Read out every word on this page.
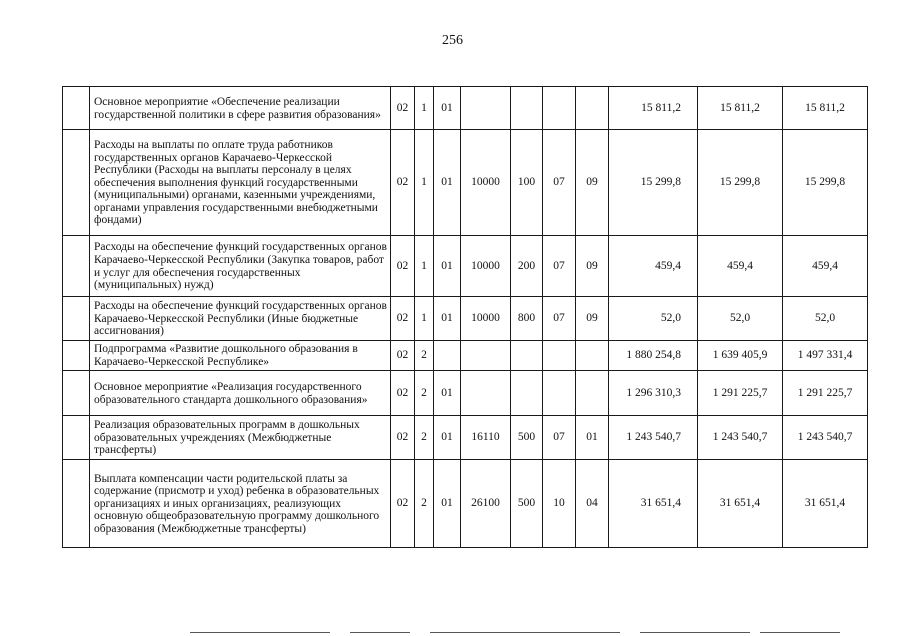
256
	Основное мероприятие «Обеспечение реализации государственной политики в сфере развития образования»	02	1	01					15 811,2	15 811,2	15 811,2
	Расходы на выплаты по оплате труда работников государственных органов Карачаево-Черкесской Республики (Расходы на выплаты персоналу в целях обеспечения выполнения функций государственными (муниципальными) органами, казенными учреждениями, органами управления государственными внебюджетными фондами)	02	1	01	10000	100	07	09	15 299,8	15 299,8	15 299,8
	Расходы на обеспечение функций государственных органов Карачаево-Черкесской Республики (Закупка товаров, работ и услуг для обеспечения государственных (муниципальных) нужд)	02	1	01	10000	200	07	09	459,4	459,4	459,4
	Расходы на обеспечение функций государственных органов Карачаево-Черкесской Республики (Иные бюджетные ассигнования)	02	1	01	10000	800	07	09	52,0	52,0	52,0
	Подпрограмма «Развитие дошкольного образования в Карачаево-Черкесской Республике»	02	2						1 880 254,8	1 639 405,9	1 497 331,4
	Основное мероприятие «Реализация государственного образовательного стандарта дошкольного образования»	02	2	01					1 296 310,3	1 291 225,7	1 291 225,7
	Реализация образовательных программ в дошкольных образовательных учреждениях (Межбюджетные трансферты)	02	2	01	16110	500	07	01	1 243 540,7	1 243 540,7	1 243 540,7
	Выплата компенсации части родительской платы за содержание (присмотр и уход) ребенка в образовательных организациях и иных организациях, реализующих основную общеобразовательную программу дошкольного образования (Межбюджетные трансферты)	02	2	01	26100	500	10	04	31 651,4	31 651,4	31 651,4
